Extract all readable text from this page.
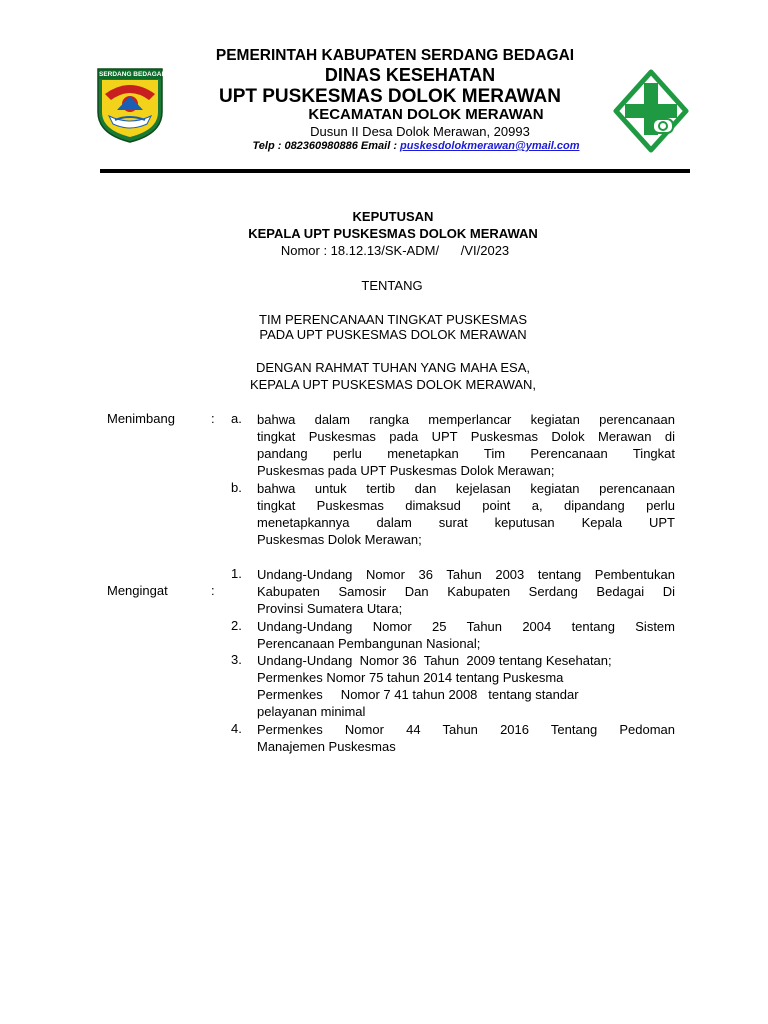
SERDANG BEDAGAI
PEMERINTAH KABUPATEN SERDANG BEDAGAI
DINAS KESEHATAN
UPT PUSKESMAS DOLOK MERAWAN
KECAMATAN DOLOK MERAWAN
Dusun II Desa Dolok Merawan, 20993
Telp : 082360980886 Email : puskesdolokmerawan@ymail.com
KEPUTUSAN
KEPALA UPT PUSKESMAS DOLOK MERAWAN
Nomor : 18.12.13/SK-ADM/      /VI/2023
TENTANG
TIM PERENCANAAN TINGKAT PUSKESMAS
PADA UPT PUSKESMAS DOLOK MERAWAN
DENGAN RAHMAT TUHAN YANG MAHA ESA,
KEPALA UPT PUSKESMAS DOLOK MERAWAN,
Menimbang	: a. bahwa dalam rangka memperlancar kegiatan perencanaan
tingkat Puskesmas pada UPT Puskesmas Dolok Merawan di
pandang perlu menetapkan Tim Perencanaan Tingkat
Puskesmas pada UPT Puskesmas Dolok Merawan;
b. bahwa untuk tertib dan kejelasan kegiatan perencanaan
tingkat Puskesmas dimaksud point a, dipandang perlu
menetapkannya dalam surat keputusan Kepala UPT
Puskesmas Dolok Merawan;
Mengingat	:
1. Undang-Undang Nomor 36 Tahun 2003 tentang Pembentukan
Kabupaten Samosir Dan Kabupaten Serdang Bedagai Di
Provinsi Sumatera Utara;
2. Undang-Undang Nomor 25 Tahun 2004 tentang Sistem
Perencanaan Pembangunan Nasional;
3. Undang-Undang  Nomor 36  Tahun  2009 tentang Kesehatan;
Permenkes Nomor 75 tahun 2014 tentang Puskesma
Permenkes     Nomor 7 41 tahun 2008   tentang standar
pelayanan minimal
4. Permenkes Nomor 44 Tahun 2016 Tentang Pedoman
Manajemen Puskesmas
